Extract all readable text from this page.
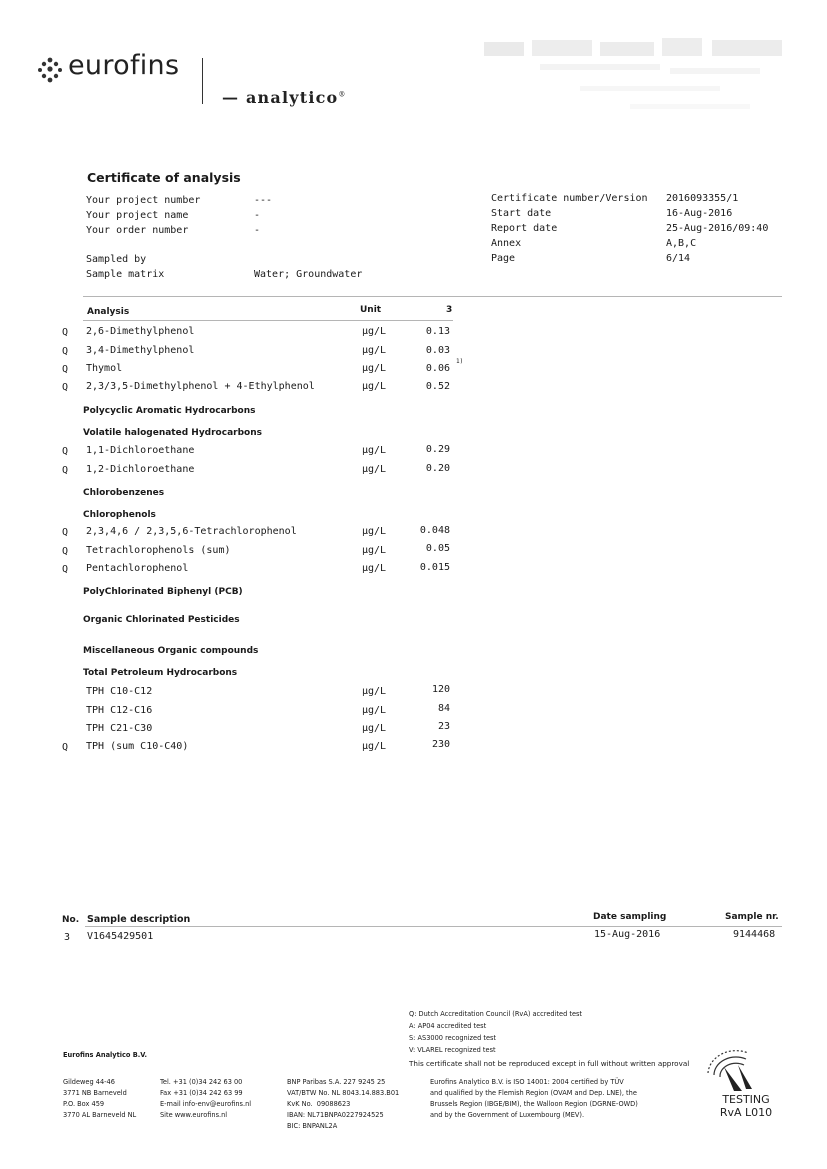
eurofins
— analytico®
Certificate of analysis
Your project number	---
Your project name	-
Your order number	-
Sampled by
Sample matrix	Water; Groundwater
Certificate number/Version 2016093355/1
Start date	16-Aug-2016
Report date	25-Aug-2016/09:40
Annex	A,B,C
Page	6/14
Analysis	Unit	3
Q 2,6-Dimethylphenol	µg/L	0.13
Q 3,4-Dimethylphenol	µg/L	0.03
Q Thymol	µg/L	0.06
1)
Q 2,3/3,5-Dimethylphenol + 4-Ethylphenol	µg/L	0.52
Polycyclic Aromatic Hydrocarbons
Volatile halogenated Hydrocarbons
Q 1,1-Dichloroethane	µg/L	0.29
Q 1,2-Dichloroethane	µg/L	0.20
Chlorobenzenes
Chlorophenols
Q 2,3,4,6 / 2,3,5,6-Tetrachlorophenol	µg/L	0.048
Q Tetrachlorophenols (sum)	µg/L	0.05
Q Pentachlorophenol	µg/L	0.015
PolyChlorinated Biphenyl (PCB)
Organic Chlorinated Pesticides
Miscellaneous Organic compounds
Total Petroleum Hydrocarbons
TPH C10-C12	µg/L	120
TPH C12-C16	µg/L	84
TPH C21-C30	µg/L	23
Q TPH (sum C10-C40)	µg/L	230
No. Sample description	Date sampling	Sample nr.
3 V1645429501	15-Aug-2016	9144468
Q: Dutch Accreditation Council (RvA) accredited test
A: AP04 accredited test
S: AS3000 recognized test
V: VLAREL recognized test
This certificate shall not be reproduced except in full without written approval
Eurofins Analytico B.V.
Gildeweg 44-46
3771 NB Barneveld
P.O. Box 459
3770 AL Barneveld NL
Tel. +31 (0)34 242 63 00
Fax +31 (0)34 242 63 99
E-mail info-env@eurofins.nl
Site www.eurofins.nl
BNP Paribas S.A. 227 9245 25
VAT/BTW No. NL 8043.14.883.B01
KvK No.  09088623
IBAN: NL71BNPA0227924525
BIC: BNPANL2A
Eurofins Analytico B.V. is ISO 14001: 2004 certified by TÜV
and qualified by the Flemish Region (OVAM and Dep. LNE), the
Brussels Region (IBGE/BIM), the Walloon Region (DGRNE-OWD)
and by the Government of Luxembourg (MEV).
TESTING
RvA L010
